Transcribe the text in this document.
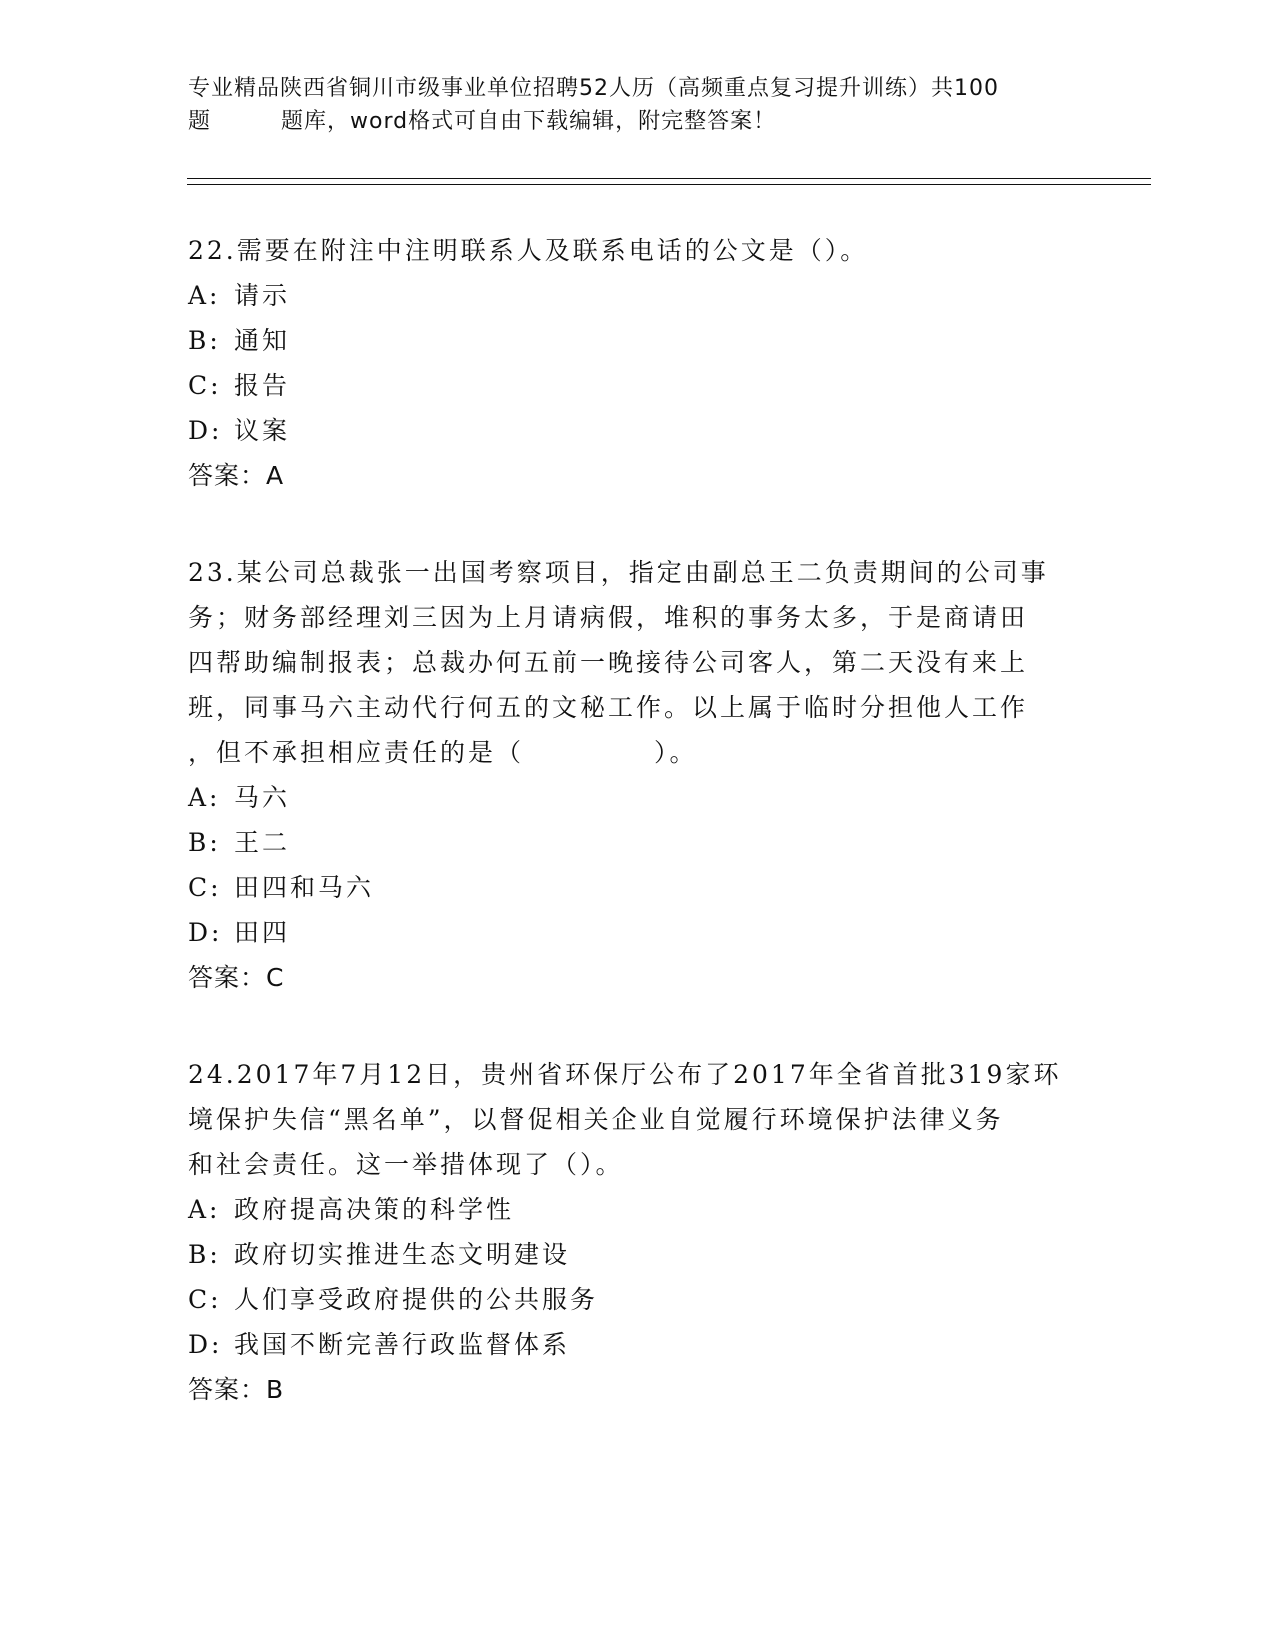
专业精品陕西省铜川市级事业单位招聘52人历（高频重点复习提升训练）共100
题	题库，word格式可自由下载编辑，附完整答案！
22.需要在附注中注明联系人及联系电话的公文是（）。
A: 请示
B: 通知
C: 报告
D: 议案
答案：A
23.某公司总裁张一出国考察项目，指定由副总王二负责期间的公司事
务；财务部经理刘三因为上月请病假，堆积的事务太多，于是商请田
四帮助编制报表；总裁办何五前一晚接待公司客人，第二天没有来上
班，同事马六主动代行何五的文秘工作。以上属于临时分担他人工作
，但不承担相应责任的是（	）。
A: 马六
B: 王二
C: 田四和马六
D: 田四
答案：C
24.2017年7月12日，贵州省环保厅公布了2017年全省首批319家环
境保护失信“黑名单”，以督促相关企业自觉履行环境保护法律义务
和社会责任。这一举措体现了（）。
A: 政府提高决策的科学性
B: 政府切实推进生态文明建设
C: 人们享受政府提供的公共服务
D: 我国不断完善行政监督体系
答案：B
